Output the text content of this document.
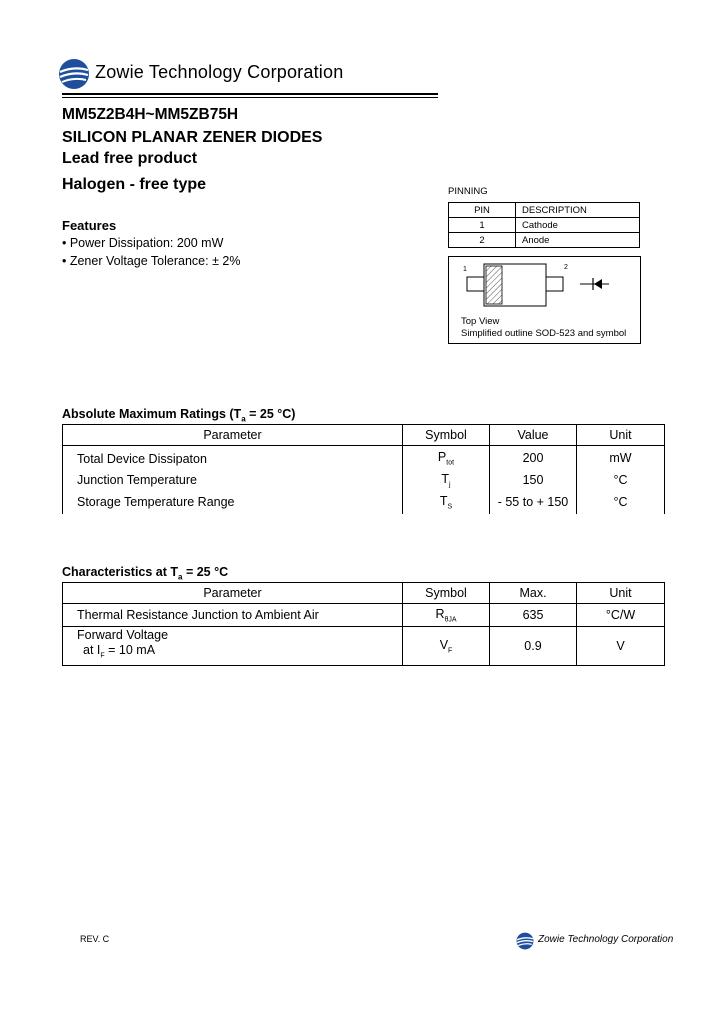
Zowie Technology Corporation
MM5Z2B4H~MM5ZB75H
SILICON PLANAR ZENER DIODES
Lead free product
Halogen - free type
Features
• Power Dissipation: 200 mW
• Zener Voltage Tolerance: ± 2%
PINNING
PIN	DESCRIPTION
1	Cathode
2	Anode
1	2
Top View
Simplified outline SOD-523 and symbol
Absolute Maximum Ratings ($T_a = 25$ °C)
Parameter	Symbol	Value	Unit
Total Device Dissipaton	$P_{tot}$	200	mW
Junction Temperature	$T_j$	150	°C
Storage Temperature Range	$T_S$	- 55 to + 150	°C
Characteristics at $T_a = 25$ °C
Parameter	Symbol	Max.	Unit
Thermal Resistance Junction to Ambient Air	$R_{\theta JA}$	635	°C/W

Forward Voltage
at $I_F = 10$ mA	$V_F$	0.9	V
REV. C	Zowie Technology Corporation
